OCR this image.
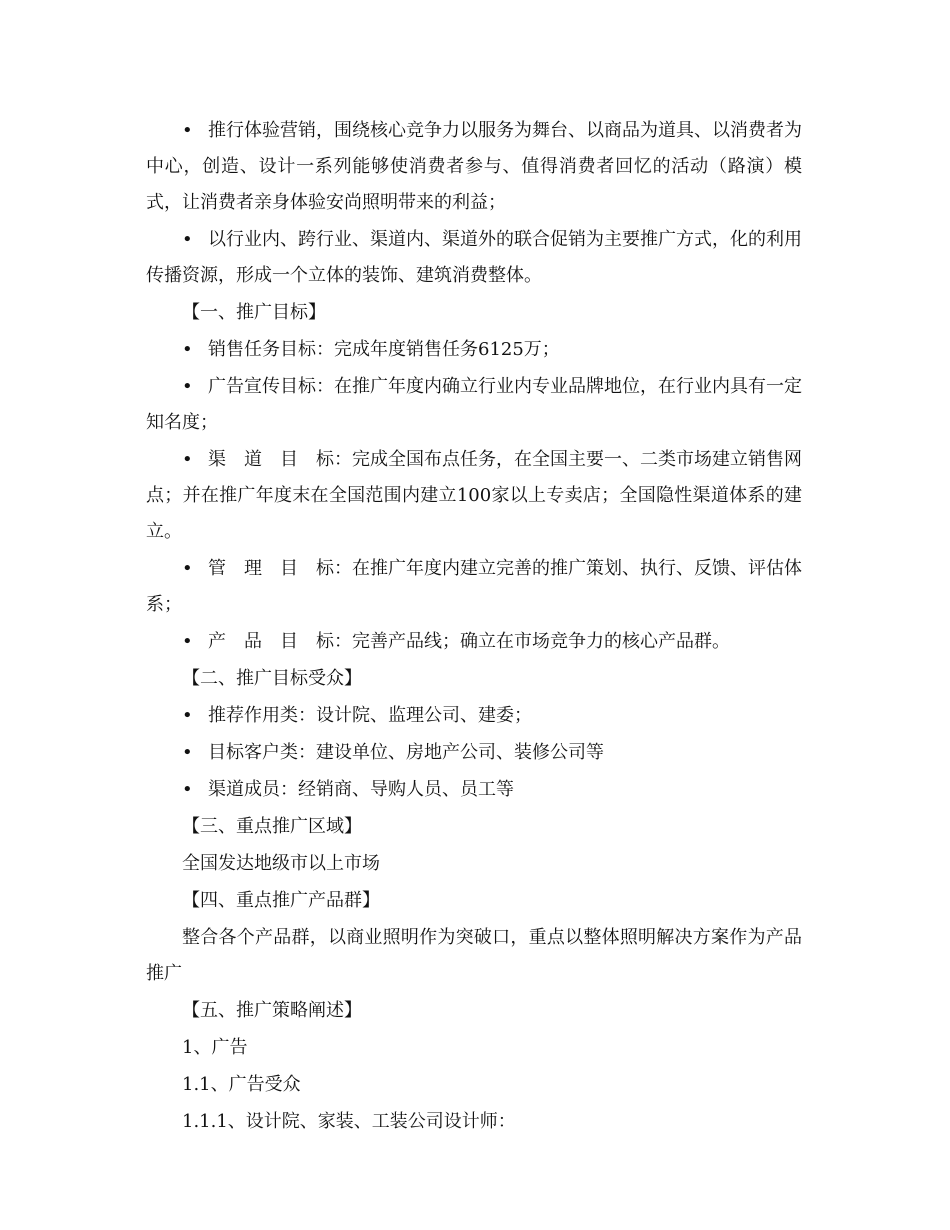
• 推行体验营销，围绕核心竞争力以服务为舞台、以商品为道具、以消费者为中心，创造、设计一系列能够使消费者参与、值得消费者回忆的活动（路演）模式，让消费者亲身体验安尚照明带来的利益；

• 以行业内、跨行业、渠道内、渠道外的联合促销为主要推广方式，化的利用传播资源，形成一个立体的装饰、建筑消费整体。

【一、推广目标】

• 销售任务目标：完成年度销售任务6125万；

• 广告宣传目标：在推广年度内确立行业内专业品牌地位，在行业内具有一定知名度；

• 渠　道　目　标：完成全国布点任务，在全国主要一、二类市场建立销售网点；并在推广年度末在全国范围内建立100家以上专卖店；全国隐性渠道体系的建立。

• 管　理　目　标：在推广年度内建立完善的推广策划、执行、反馈、评估体系；

• 产　品　目　标：完善产品线；确立在市场竞争力的核心产品群。

【二、推广目标受众】

• 推荐作用类：设计院、监理公司、建委；

• 目标客户类：建设单位、房地产公司、装修公司等

• 渠道成员：经销商、导购人员、员工等

【三、重点推广区域】

全国发达地级市以上市场

【四、重点推广产品群】

整合各个产品群，以商业照明作为突破口，重点以整体照明解决方案作为产品推广

【五、推广策略阐述】

1、广告

1.1、广告受众

1.1.1、设计院、家装、工装公司设计师：
